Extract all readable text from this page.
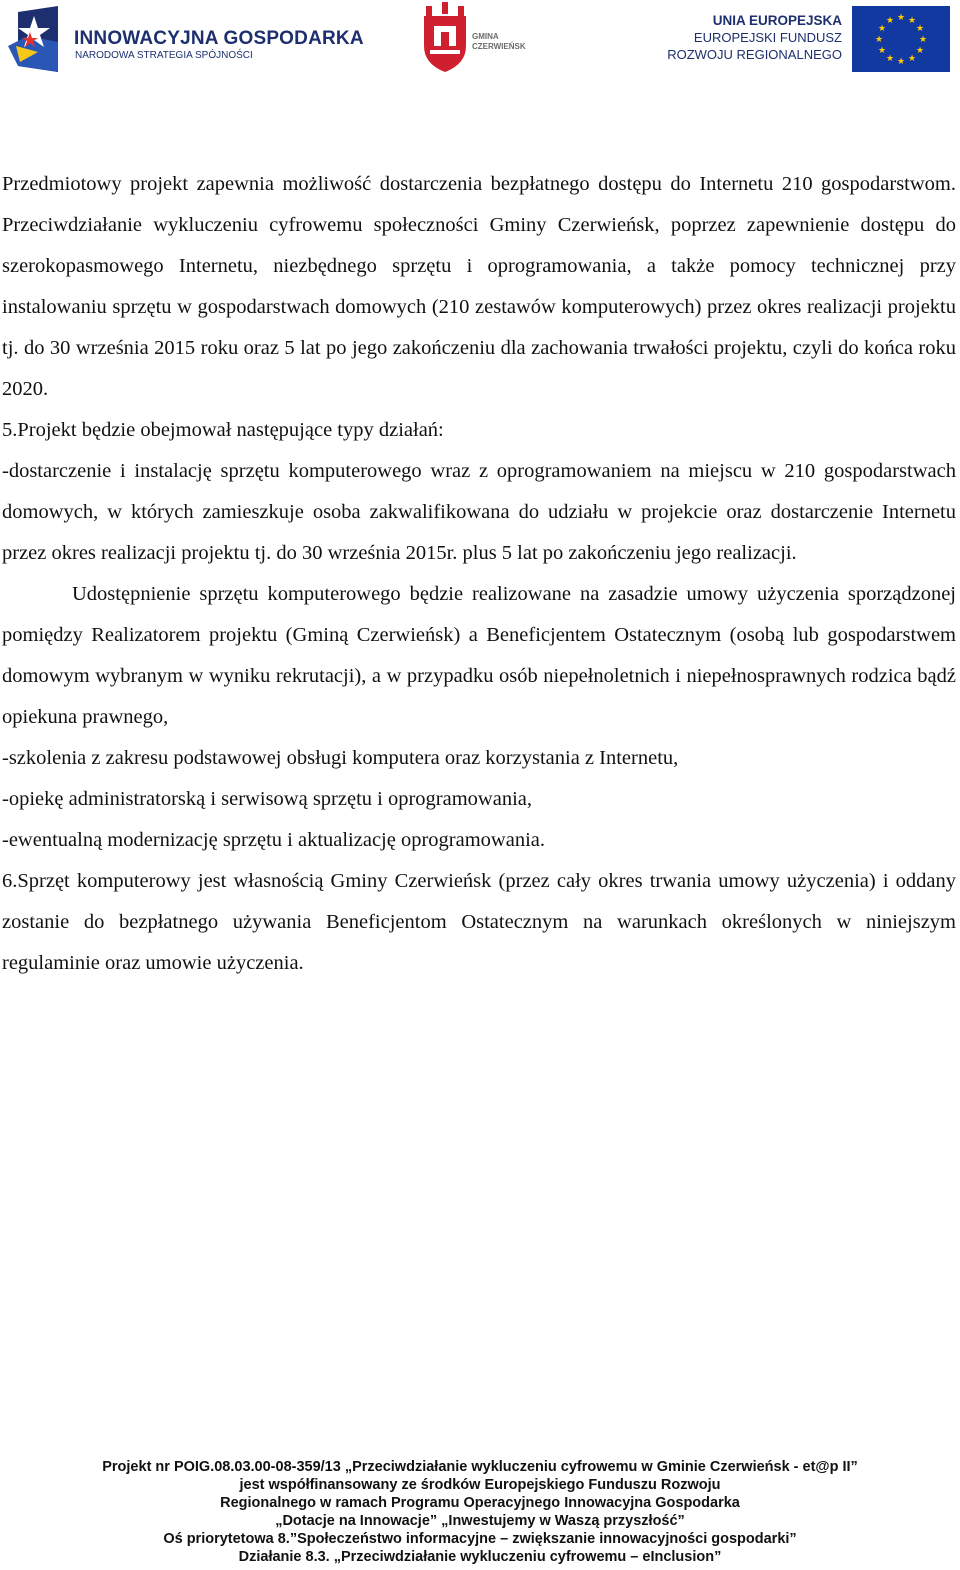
INNOWACYJNA GOSPODARKA
NARODOWA STRATEGIA SPÓJNOŚCI
GMINA
CZERWIEŃSK
UNIA EUROPEJSKA
EUROPEJSKI FUNDUSZ
ROZWOJU REGIONALNEGO
★ ★
★
★
★
★
★
★
★
★
★
★

Przedmiotowy projekt zapewnia możliwość dostarczenia bezpłatnego dostępu do Internetu 210 gospodarstwom. Przeciwdziałanie wykluczeniu cyfrowemu społeczności Gminy Czerwieńsk, poprzez zapewnienie dostępu do szerokopasmowego Internetu, niezbędnego sprzętu i oprogramowania, a także pomocy technicznej przy instalowaniu sprzętu w gospodarstwach domowych (210 zestawów komputerowych) przez okres realizacji projektu tj. do 30 września 2015 roku oraz 5 lat po jego zakończeniu dla zachowania trwałości projektu, czyli do końca roku 2020.

5.Projekt będzie obejmował następujące typy działań:

-dostarczenie i instalację sprzętu komputerowego wraz z oprogramowaniem na miejscu w 210 gospodarstwach domowych, w których zamieszkuje osoba zakwalifikowana do udziału w projekcie oraz dostarczenie Internetu przez okres realizacji projektu tj. do 30 września 2015r. plus 5 lat po zakończeniu jego realizacji.

Udostępnienie sprzętu komputerowego będzie realizowane na zasadzie umowy użyczenia sporządzonej pomiędzy Realizatorem projektu (Gminą Czerwieńsk) a Beneficjentem Ostatecznym (osobą lub gospodarstwem domowym wybranym w wyniku rekrutacji), a w przypadku osób niepełnoletnich i niepełnosprawnych rodzica bądź opiekuna prawnego,

-szkolenia z zakresu podstawowej obsługi komputera oraz korzystania z Internetu,

-opiekę administratorską i serwisową sprzętu i oprogramowania,

-ewentualną modernizację sprzętu i aktualizację oprogramowania.

6.Sprzęt komputerowy jest własnością Gminy Czerwieńsk (przez cały okres trwania umowy użyczenia) i oddany zostanie do bezpłatnego używania Beneficjentom Ostatecznym na warunkach określonych w niniejszym regulaminie oraz umowie użyczenia.

Projekt nr POIG.08.03.00-08-359/13 „Przeciwdziałanie wykluczeniu cyfrowemu w Gminie Czerwieńsk - et@p II”
jest współfinansowany ze środków Europejskiego Funduszu Rozwoju
Regionalnego w ramach Programu Operacyjnego Innowacyjna Gospodarka
„Dotacje na Innowacje” „Inwestujemy w Waszą przyszłość”
Oś priorytetowa 8.”Społeczeństwo informacyjne – zwiększanie innowacyjności gospodarki”
Działanie 8.3. „Przeciwdziałanie wykluczeniu cyfrowemu – eInclusion”
